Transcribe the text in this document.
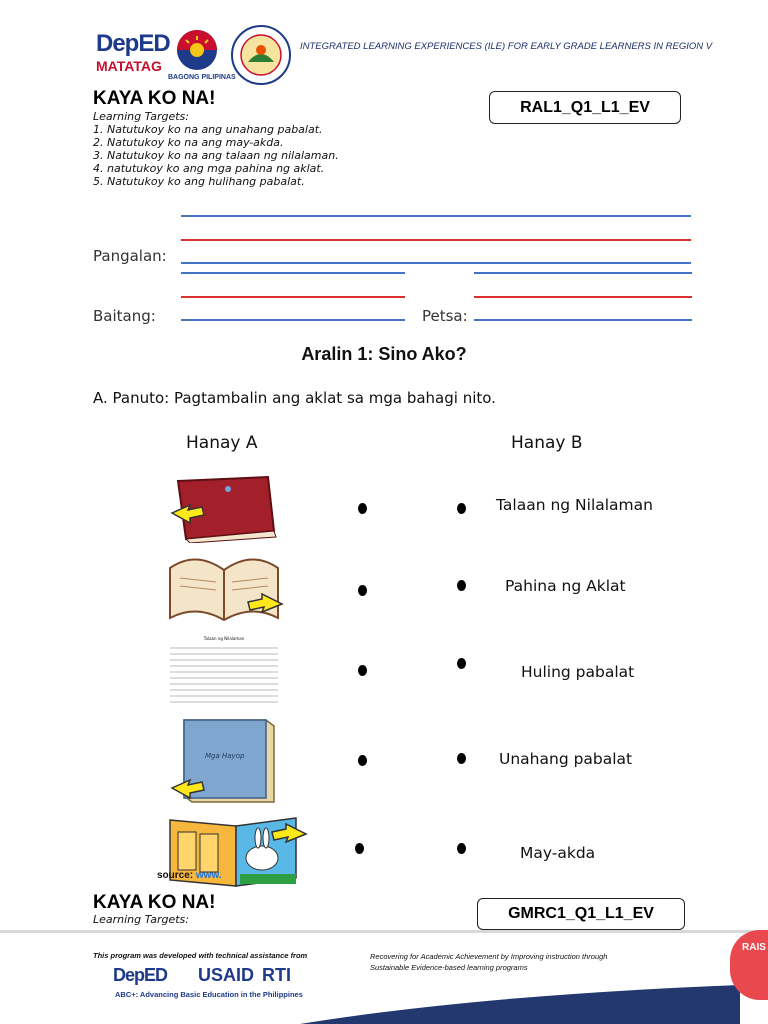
DepED
MATATAG
BAGONG PILIPINAS
INTEGRATED LEARNING EXPERIENCES (ILE) FOR EARLY GRADE LEARNERS IN REGION V
KAYA KO NA!	RAL1_Q1_L1_EV
Learning Targets:
1. Natutukoy ko na ang unahang pabalat.
2. Natutukoy ko na ang may-akda.
3. Natutukoy ko na ang talaan ng nilalaman.
4. natutukoy ko ang mga pahina ng aklat.
5. Natutukoy ko ang hulihang pabalat.
Pangalan:
Baitang:	Petsa:
Aralin 1: Sino Ako?
A. Panuto: Pagtambalin ang aklat sa mga bahagi nito.
Hanay A	Hanay B
Talaan ng Nilalaman
Mga Hayop
source: www.
Talaan ng Nilalaman
Pahina ng Aklat
Huling pabalat
Unahang pabalat
May-akda
KAYA KO NA!
GMRC1_Q1_L1_EV
Learning Targets:
This program was developed with technical assistance from	Recovering for Academic Achievement by Improving instruction through
Sustainable Evidence-based learning programs
DepED USAID RTI
ABC+: Advancing Basic Education in the Philippines
RAIS
